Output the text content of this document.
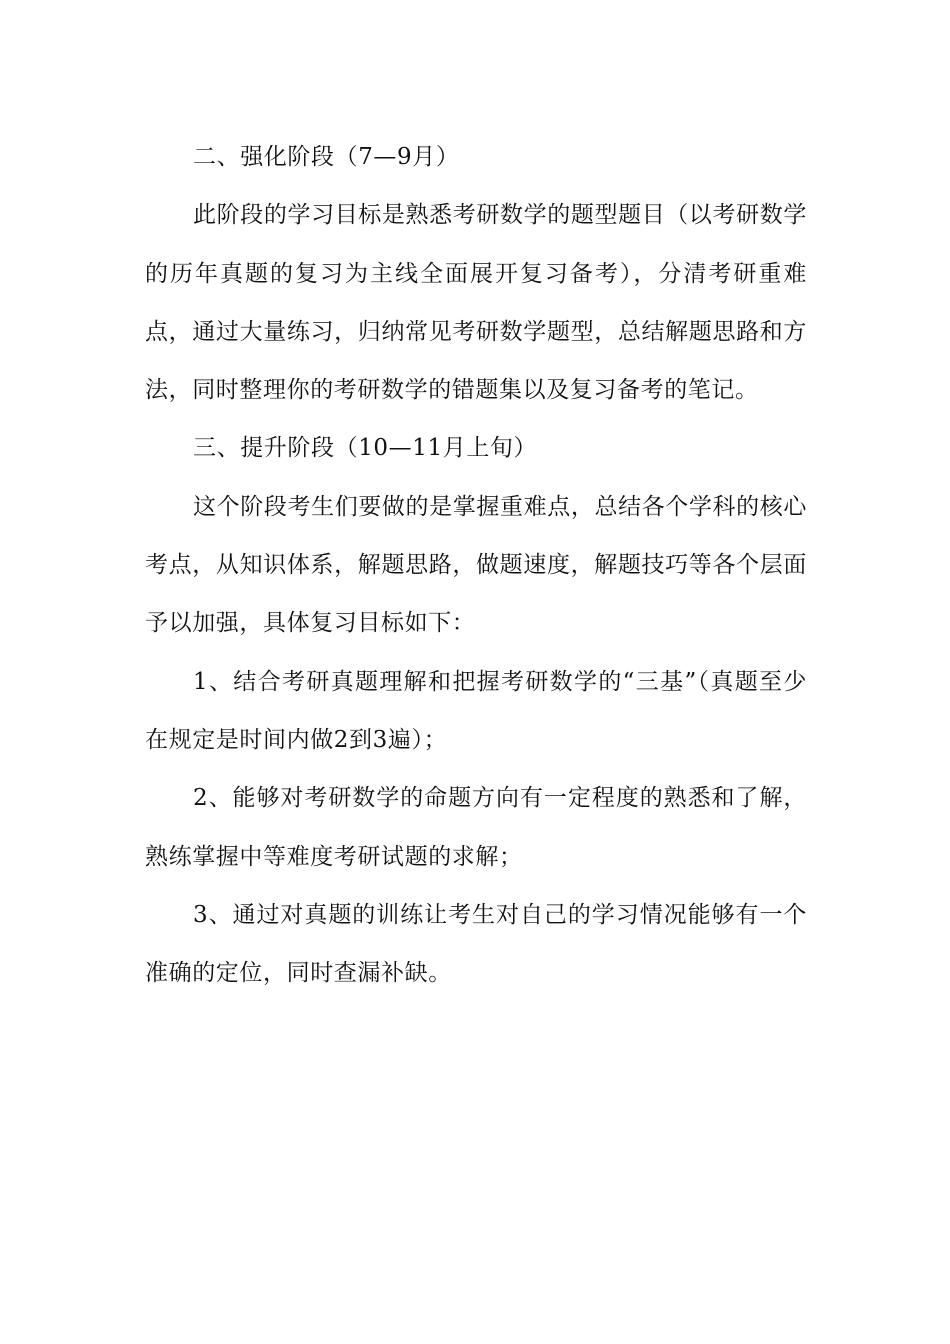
二、强化阶段（7—9月）

此阶段的学习目标是熟悉考研数学的题型题目（以考研数学的历年真题的复习为主线全面展开复习备考），分清考研重难点，通过大量练习，归纳常见考研数学题型，总结解题思路和方法，同时整理你的考研数学的错题集以及复习备考的笔记。

三、提升阶段（10—11月上旬）

这个阶段考生们要做的是掌握重难点，总结各个学科的核心考点，从知识体系，解题思路，做题速度，解题技巧等各个层面予以加强，具体复习目标如下：

1、结合考研真题理解和把握考研数学的“三基”（真题至少在规定是时间内做2到3遍）；

2、能够对考研数学的命题方向有一定程度的熟悉和了解，熟练掌握中等难度考研试题的求解；

3、通过对真题的训练让考生对自己的学习情况能够有一个准确的定位，同时查漏补缺。
